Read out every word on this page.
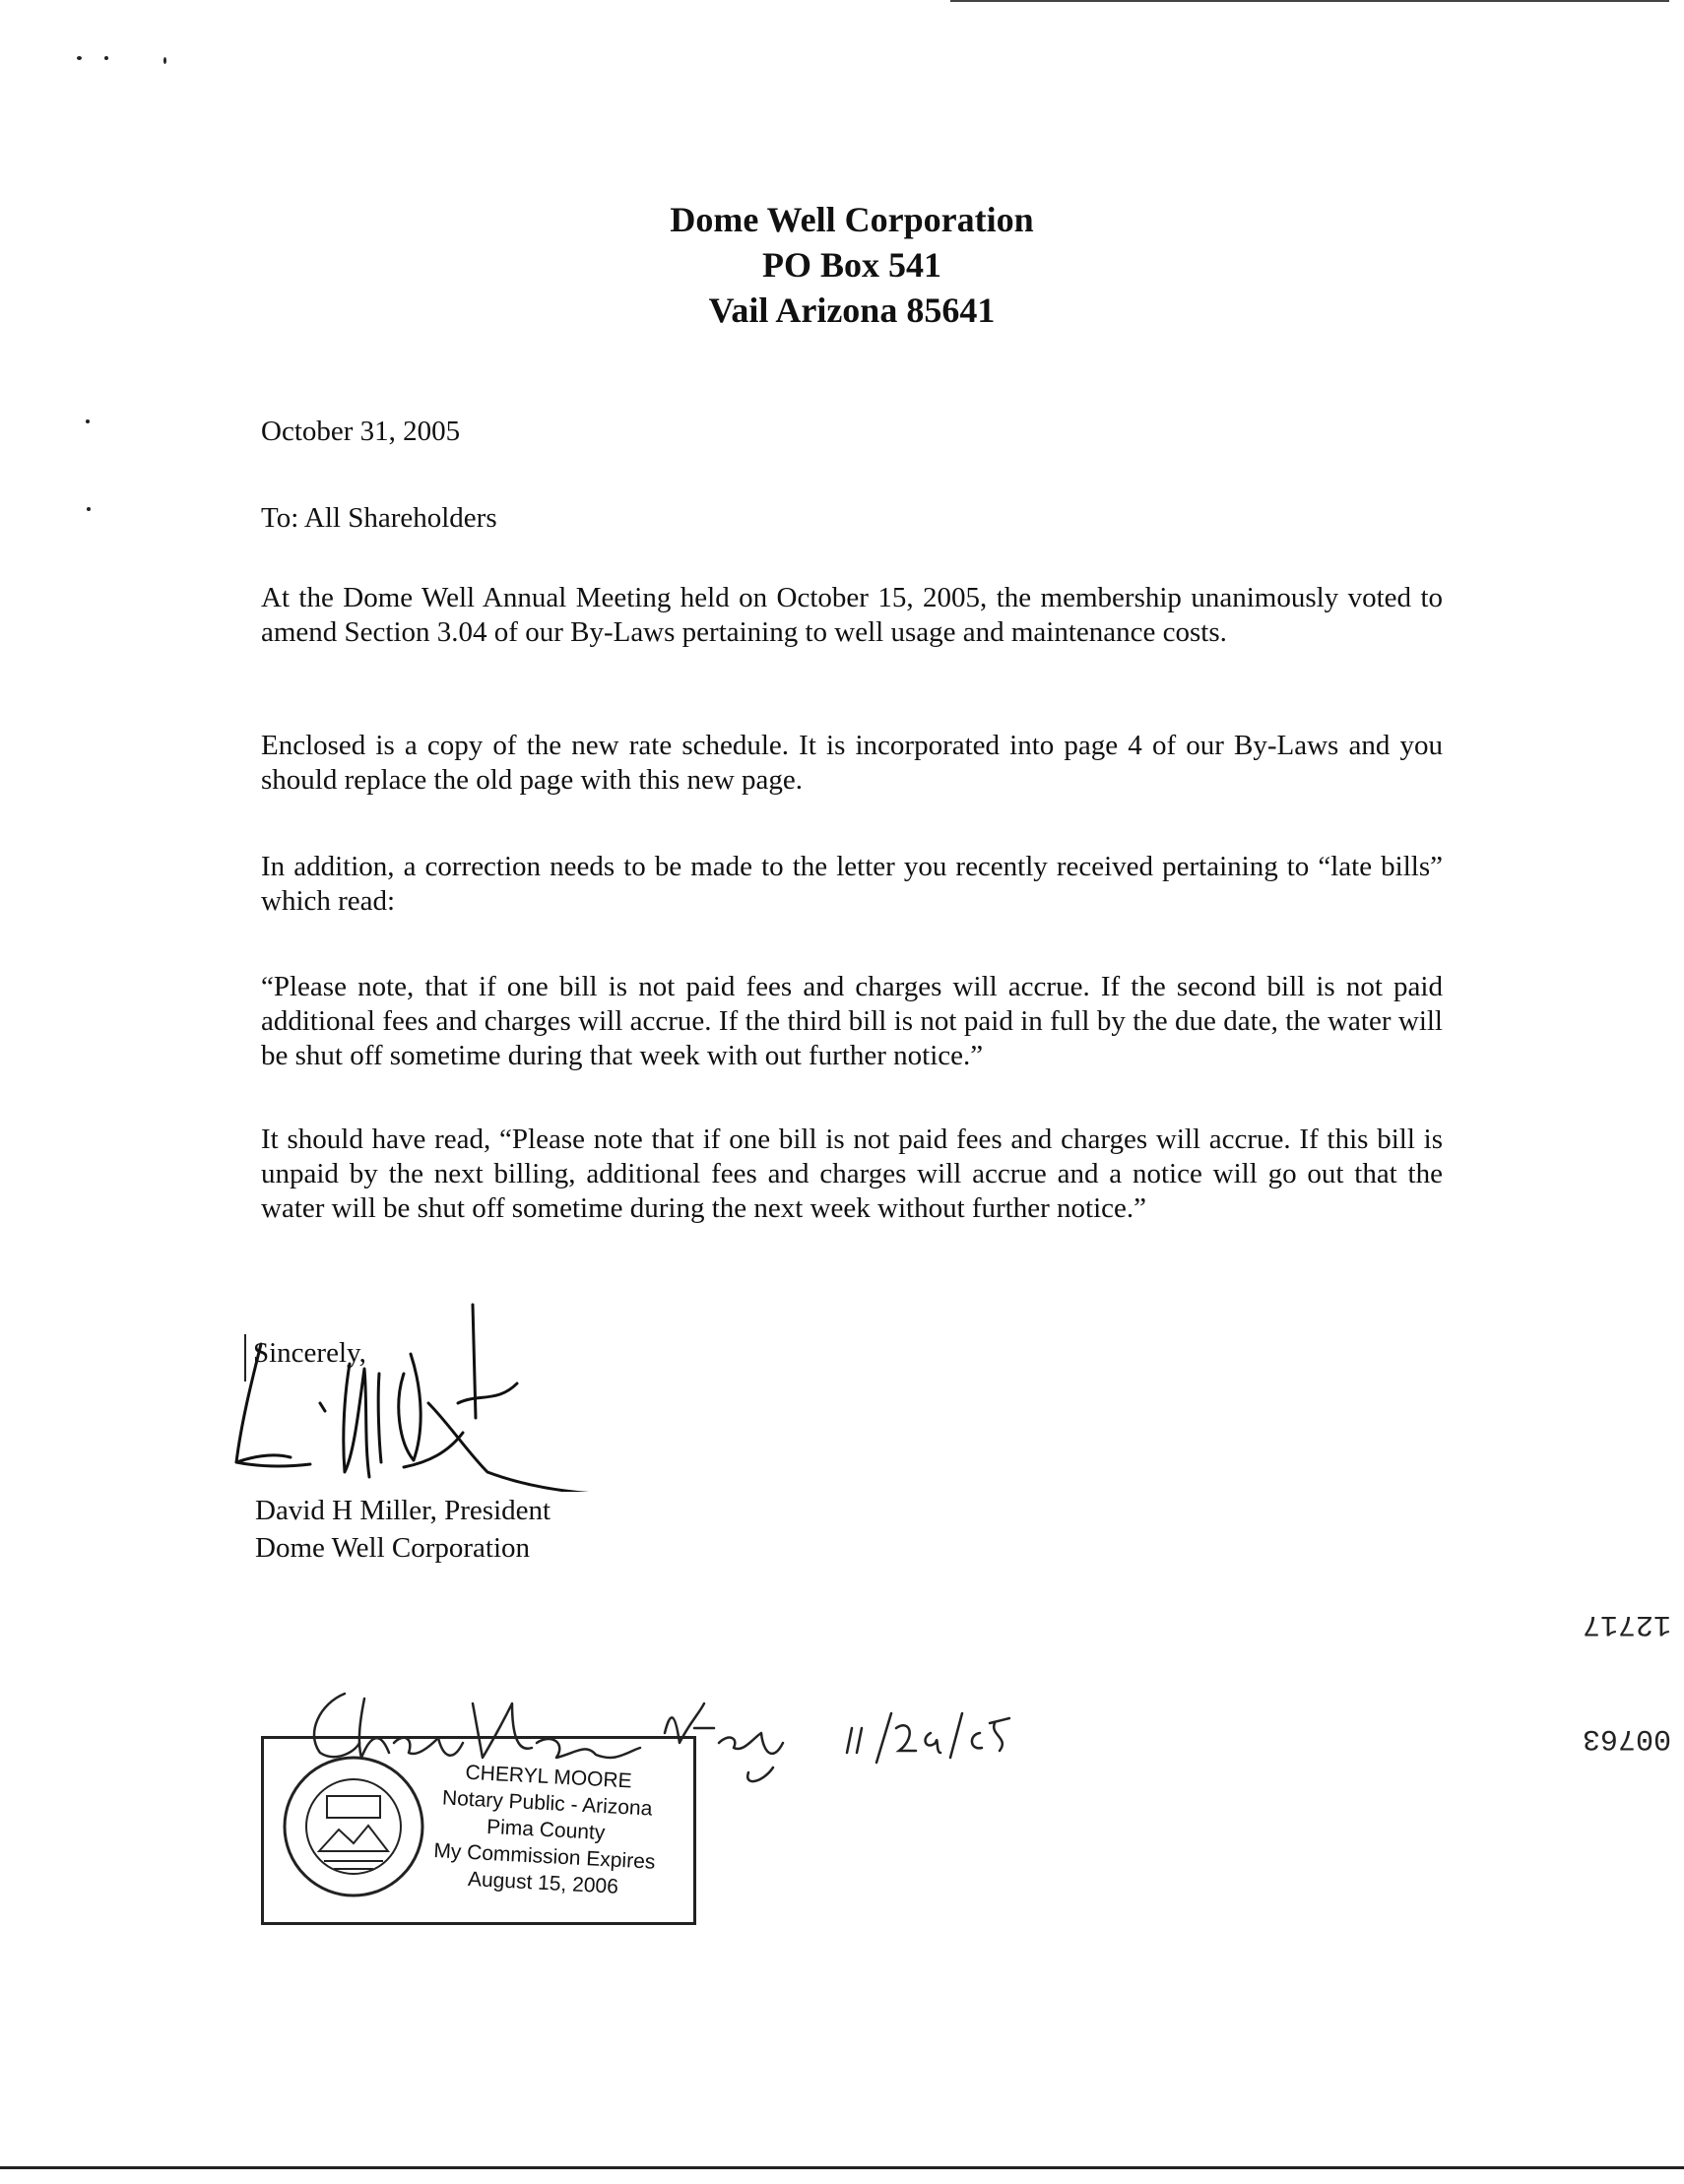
Dome Well Corporation
PO Box 541
Vail Arizona 85641
October 31, 2005
To: All Shareholders
At the Dome Well Annual Meeting held on October 15, 2005, the membership unanimously voted to amend Section 3.04 of our By-Laws pertaining to well usage and maintenance costs.
Enclosed is a copy of the new rate schedule. It is incorporated into page 4 of our By-Laws and you should replace the old page with this new page.
In addition, a correction needs to be made to the letter you recently received pertaining to “late bills” which read:
“Please note, that if one bill is not paid fees and charges will accrue. If the second bill is not paid additional fees and charges will accrue. If the third bill is not paid in full by the due date, the water will be shut off sometime during that week with out further notice.”
It should have read, “Please note that if one bill is not paid fees and charges will accrue. If this bill is unpaid by the next billing, additional fees and charges will accrue and a notice will go out that the water will be shut off sometime during the next week without further notice.”
Sincerely,
David H Miller, President
Dome Well Corporation
CHERYL MOORE
Notary Public - Arizona
Pima County
My Commission Expires
August 15, 2006
12717
00763
